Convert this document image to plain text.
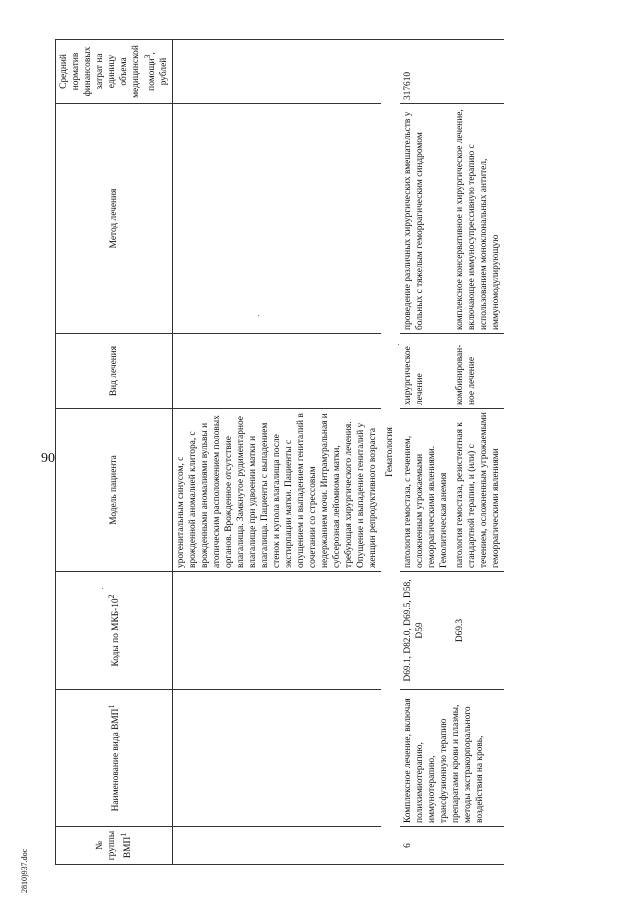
90
№ группы ВМП$^1$	Наименование вида ВМП$^1$	Коды по МКБ-$10^2$	Модель пациента	Вид лечения	Метод лечения	Средний норматив финансовых затрат на единицу объема медицинской помощи$^3$, рублей
			урогенитальным синусом, с врожденной аномалией клитора, с врожденными аномалиями вульвы и атопическим расположением половых органов. Врожденное отсутствие влагалища. Замкнутое рудиментарное влагалище при удвоении матки и влагалища. Пациенты с выпадением стенок и купола влагалища после экстирпации матки. Пациенты с опущением и выпадением гениталий в сочетании со стрессовым недержанием мочи. Интрамуральная и субсерозная лейомиома матки, требующая хирургического лечения. Опущение и выпадение гениталий у женщин репродуктивного возраста			
Гематология						
6	Комплексное лечение, включая полихимиотерапию, иммунотерапию, трансфузионную терапию препаратами крови и плазмы, методы экстракорпорального воздействия на кровь,	D69.1, D82.0, D69.5, D58, D59	патология гемостаза, с течением, осложненным угрожаемыми геморрагическими явлениями. Гемолитическая анемия	хирургическое лечение	проведение различных хирургических вмешательств у больных с тяжелым геморрагическим синдромом	317610
		D69.3	патология гемостаза, резистентная к стандартной терапии, и (или) с течением, осложненным угрожаемыми геморрагическими явлениями	комбинирован-ное лечение	комплексное консервативное и хирургическое лечение, включающее иммуносупрессивную терапию с использованием моноклональных антител, иммуномодулирующую	
2810)937.doc
